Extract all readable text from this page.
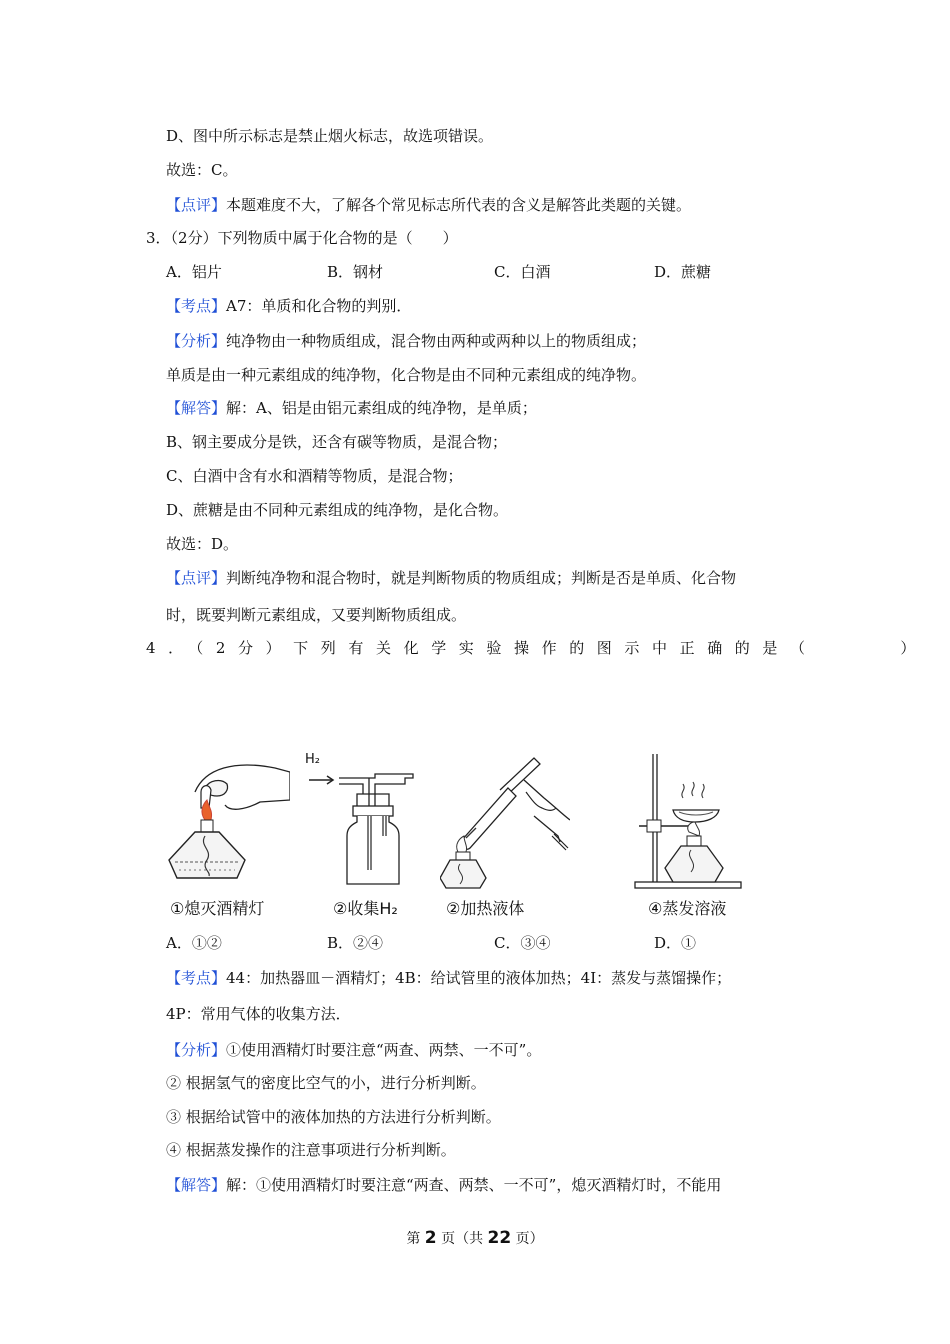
D、图中所示标志是禁止烟火标志，故选项错误。
故选：C。
【点评】本题难度不大，了解各个常见标志所代表的含义是解答此类题的关键。
3．（2分）下列物质中属于化合物的是（　　）
A．铝片	B．钢材	C．白酒	D．蔗糖
【考点】A7：单质和化合物的判别．
【分析】纯净物由一种物质组成，混合物由两种或两种以上的物质组成；
单质是由一种元素组成的纯净物，化合物是由不同种元素组成的纯净物。
【解答】解：A、铝是由铝元素组成的纯净物，是单质；
B、钢主要成分是铁，还含有碳等物质，是混合物；
C、白酒中含有水和酒精等物质，是混合物；
D、蔗糖是由不同种元素组成的纯净物，是化合物。
故选：D。
【点评】判断纯净物和混合物时，就是判断物质的物质组成；判断是否是单质、化合物
时，既要判断元素组成，又要判断物质组成。
4．（2分）下列有关化学实验操作的图示中正确的是（　　　）
H₂
①熄灭酒精灯	②收集H₂	②加热液体	④蒸发溶液
A．①②	B．②④	C．③④	D．①
【考点】44：加热器皿－酒精灯；4B：给试管里的液体加热；4I：蒸发与蒸馏操作；
4P：常用气体的收集方法．
【分析】①使用酒精灯时要注意“两查、两禁、一不可”。
② 根据氢气的密度比空气的小，进行分析判断。
③ 根据给试管中的液体加热的方法进行分析判断。
④ 根据蒸发操作的注意事项进行分析判断。
【解答】解：①使用酒精灯时要注意“两查、两禁、一不可”，熄灭酒精灯时，不能用
第 2 页（共 22 页）
